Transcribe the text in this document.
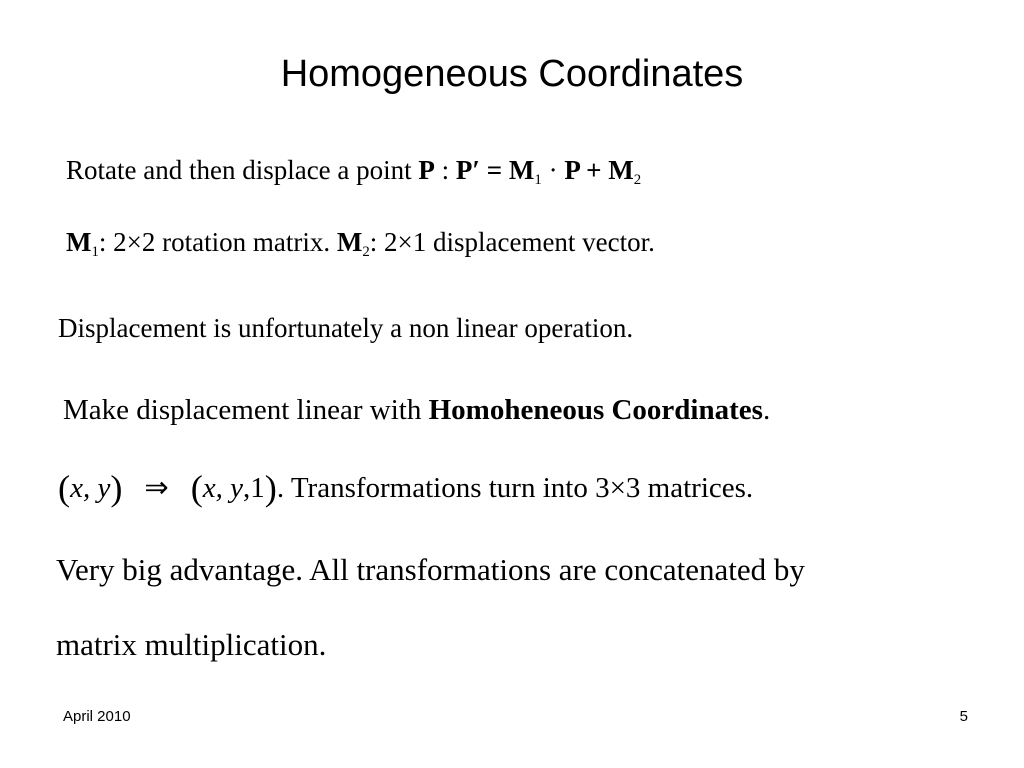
Homogeneous Coordinates
Rotate and then displace a point P : $P' = M_1 \cdot P + M_2$
$M_1$: 2×2 rotation matrix. $M_2$: 2×1 displacement vector.
Displacement is unfortunately a non linear operation.
Make displacement linear with Homoheneous Coordinates.
(x, y) ⇒ (x, y,1). Transformations turn into 3×3 matrices.
Very big advantage. All transformations are concatenated by
matrix multiplication.
April 2010	5
